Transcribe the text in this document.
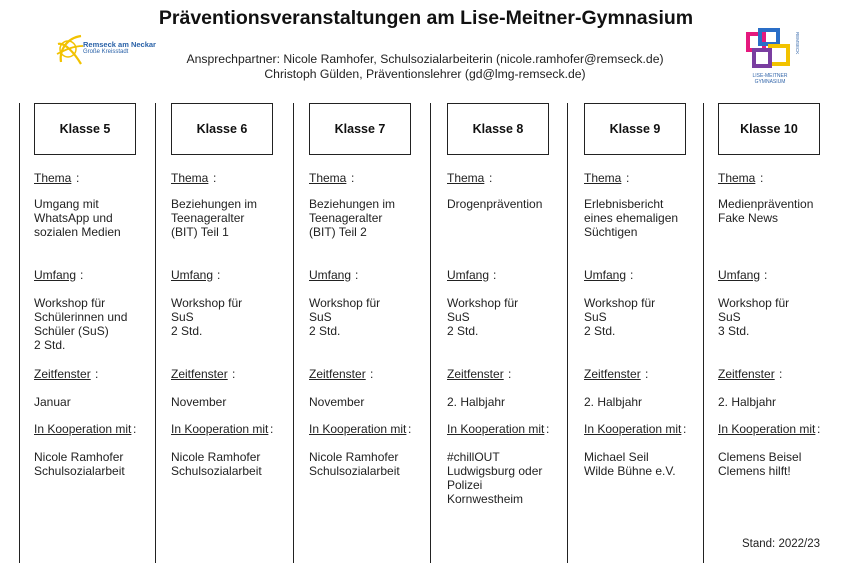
Präventionsveranstaltungen am Lise-Meitner-Gymnasium
Remseck am Neckar
Große Kreisstadt	Ansprechpartner: Nicole Ramhofer, Schulsozialarbeiterin (nicole.ramhofer@remseck.de)
Christoph Gülden, Präventionslehrer (gd@lmg-remseck.de)	LISE-MEITNER GYMNASIUM
REMSECK
Klasse 5
Thema :
Umgang mit
WhatsApp und
sozialen Medien
Umfang :
Workshop für
Schülerinnen und
Schüler (SuS)
2 Std.
Zeitfenster :
Januar
In Kooperation mit :
Nicole Ramhofer
Schulsozialarbeit
Klasse 6
Thema :
Beziehungen im
Teenageralter
(BIT) Teil 1
Umfang :
Workshop für
SuS
2 Std.
Zeitfenster :
November
In Kooperation mit :
Nicole Ramhofer
Schulsozialarbeit
Klasse 7
Thema :
Beziehungen im
Teenageralter
(BIT) Teil 2
Umfang :
Workshop für
SuS
2 Std.
Zeitfenster :
November
In Kooperation mit :
Nicole Ramhofer
Schulsozialarbeit
Klasse 8
Thema :
Drogenprävention
Umfang :
Workshop für
SuS
2 Std.
Zeitfenster :
2. Halbjahr
In Kooperation mit :
#chillOUT
Ludwigsburg oder
Polizei
Kornwestheim
Klasse 9
Thema :
Erlebnisbericht
eines ehemaligen
Süchtigen
Umfang :
Workshop für
SuS
2 Std.
Zeitfenster :
2. Halbjahr
In Kooperation mit :
Michael Seil
Wilde Bühne e.V.
Klasse 10
Thema :
Medienprävention
Fake News
Umfang :
Workshop für
SuS
3 Std.
Zeitfenster :
2. Halbjahr
In Kooperation mit :
Clemens Beisel
Clemens hilft!
Stand: 2022/23
